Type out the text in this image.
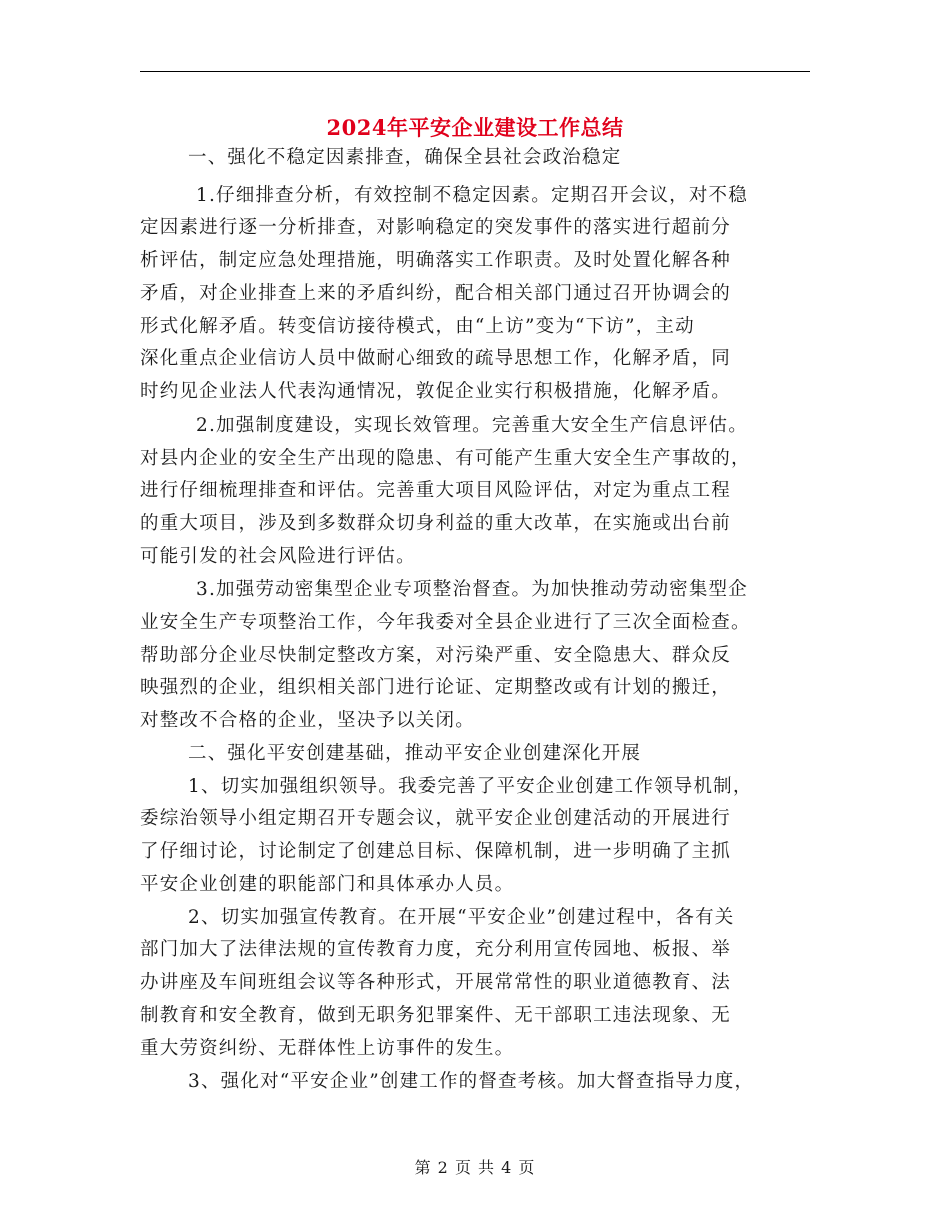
2024年平安企业建设工作总结
一、强化不稳定因素排查，确保全县社会政治稳定
1.仔细排查分析，有效控制不稳定因素。定期召开会议，对不稳
定因素进行逐一分析排查，对影响稳定的突发事件的落实进行超前分
析评估，制定应急处理措施，明确落实工作职责。及时处置化解各种
矛盾，对企业排查上来的矛盾纠纷，配合相关部门通过召开协调会的
形式化解矛盾。转变信访接待模式，由“上访”变为“下访”，主动
深化重点企业信访人员中做耐心细致的疏导思想工作，化解矛盾，同
时约见企业法人代表沟通情况，敦促企业实行积极措施，化解矛盾。
2.加强制度建设，实现长效管理。完善重大安全生产信息评估。
对县内企业的安全生产出现的隐患、有可能产生重大安全生产事故的，
进行仔细梳理排查和评估。完善重大项目风险评估，对定为重点工程
的重大项目，涉及到多数群众切身利益的重大改革，在实施或出台前
可能引发的社会风险进行评估。
3.加强劳动密集型企业专项整治督查。为加快推动劳动密集型企
业安全生产专项整治工作，今年我委对全县企业进行了三次全面检查。
帮助部分企业尽快制定整改方案，对污染严重、安全隐患大、群众反
映强烈的企业，组织相关部门进行论证、定期整改或有计划的搬迁，
对整改不合格的企业，坚决予以关闭。
二、强化平安创建基础，推动平安企业创建深化开展
1、切实加强组织领导。我委完善了平安企业创建工作领导机制，
委综治领导小组定期召开专题会议，就平安企业创建活动的开展进行
了仔细讨论，讨论制定了创建总目标、保障机制，进一步明确了主抓
平安企业创建的职能部门和具体承办人员。
2、切实加强宣传教育。在开展“平安企业”创建过程中，各有关
部门加大了法律法规的宣传教育力度，充分利用宣传园地、板报、举
办讲座及车间班组会议等各种形式，开展常常性的职业道德教育、法
制教育和安全教育，做到无职务犯罪案件、无干部职工违法现象、无
重大劳资纠纷、无群体性上访事件的发生。
3、强化对“平安企业”创建工作的督查考核。加大督查指导力度，
第 2 页 共 4 页
